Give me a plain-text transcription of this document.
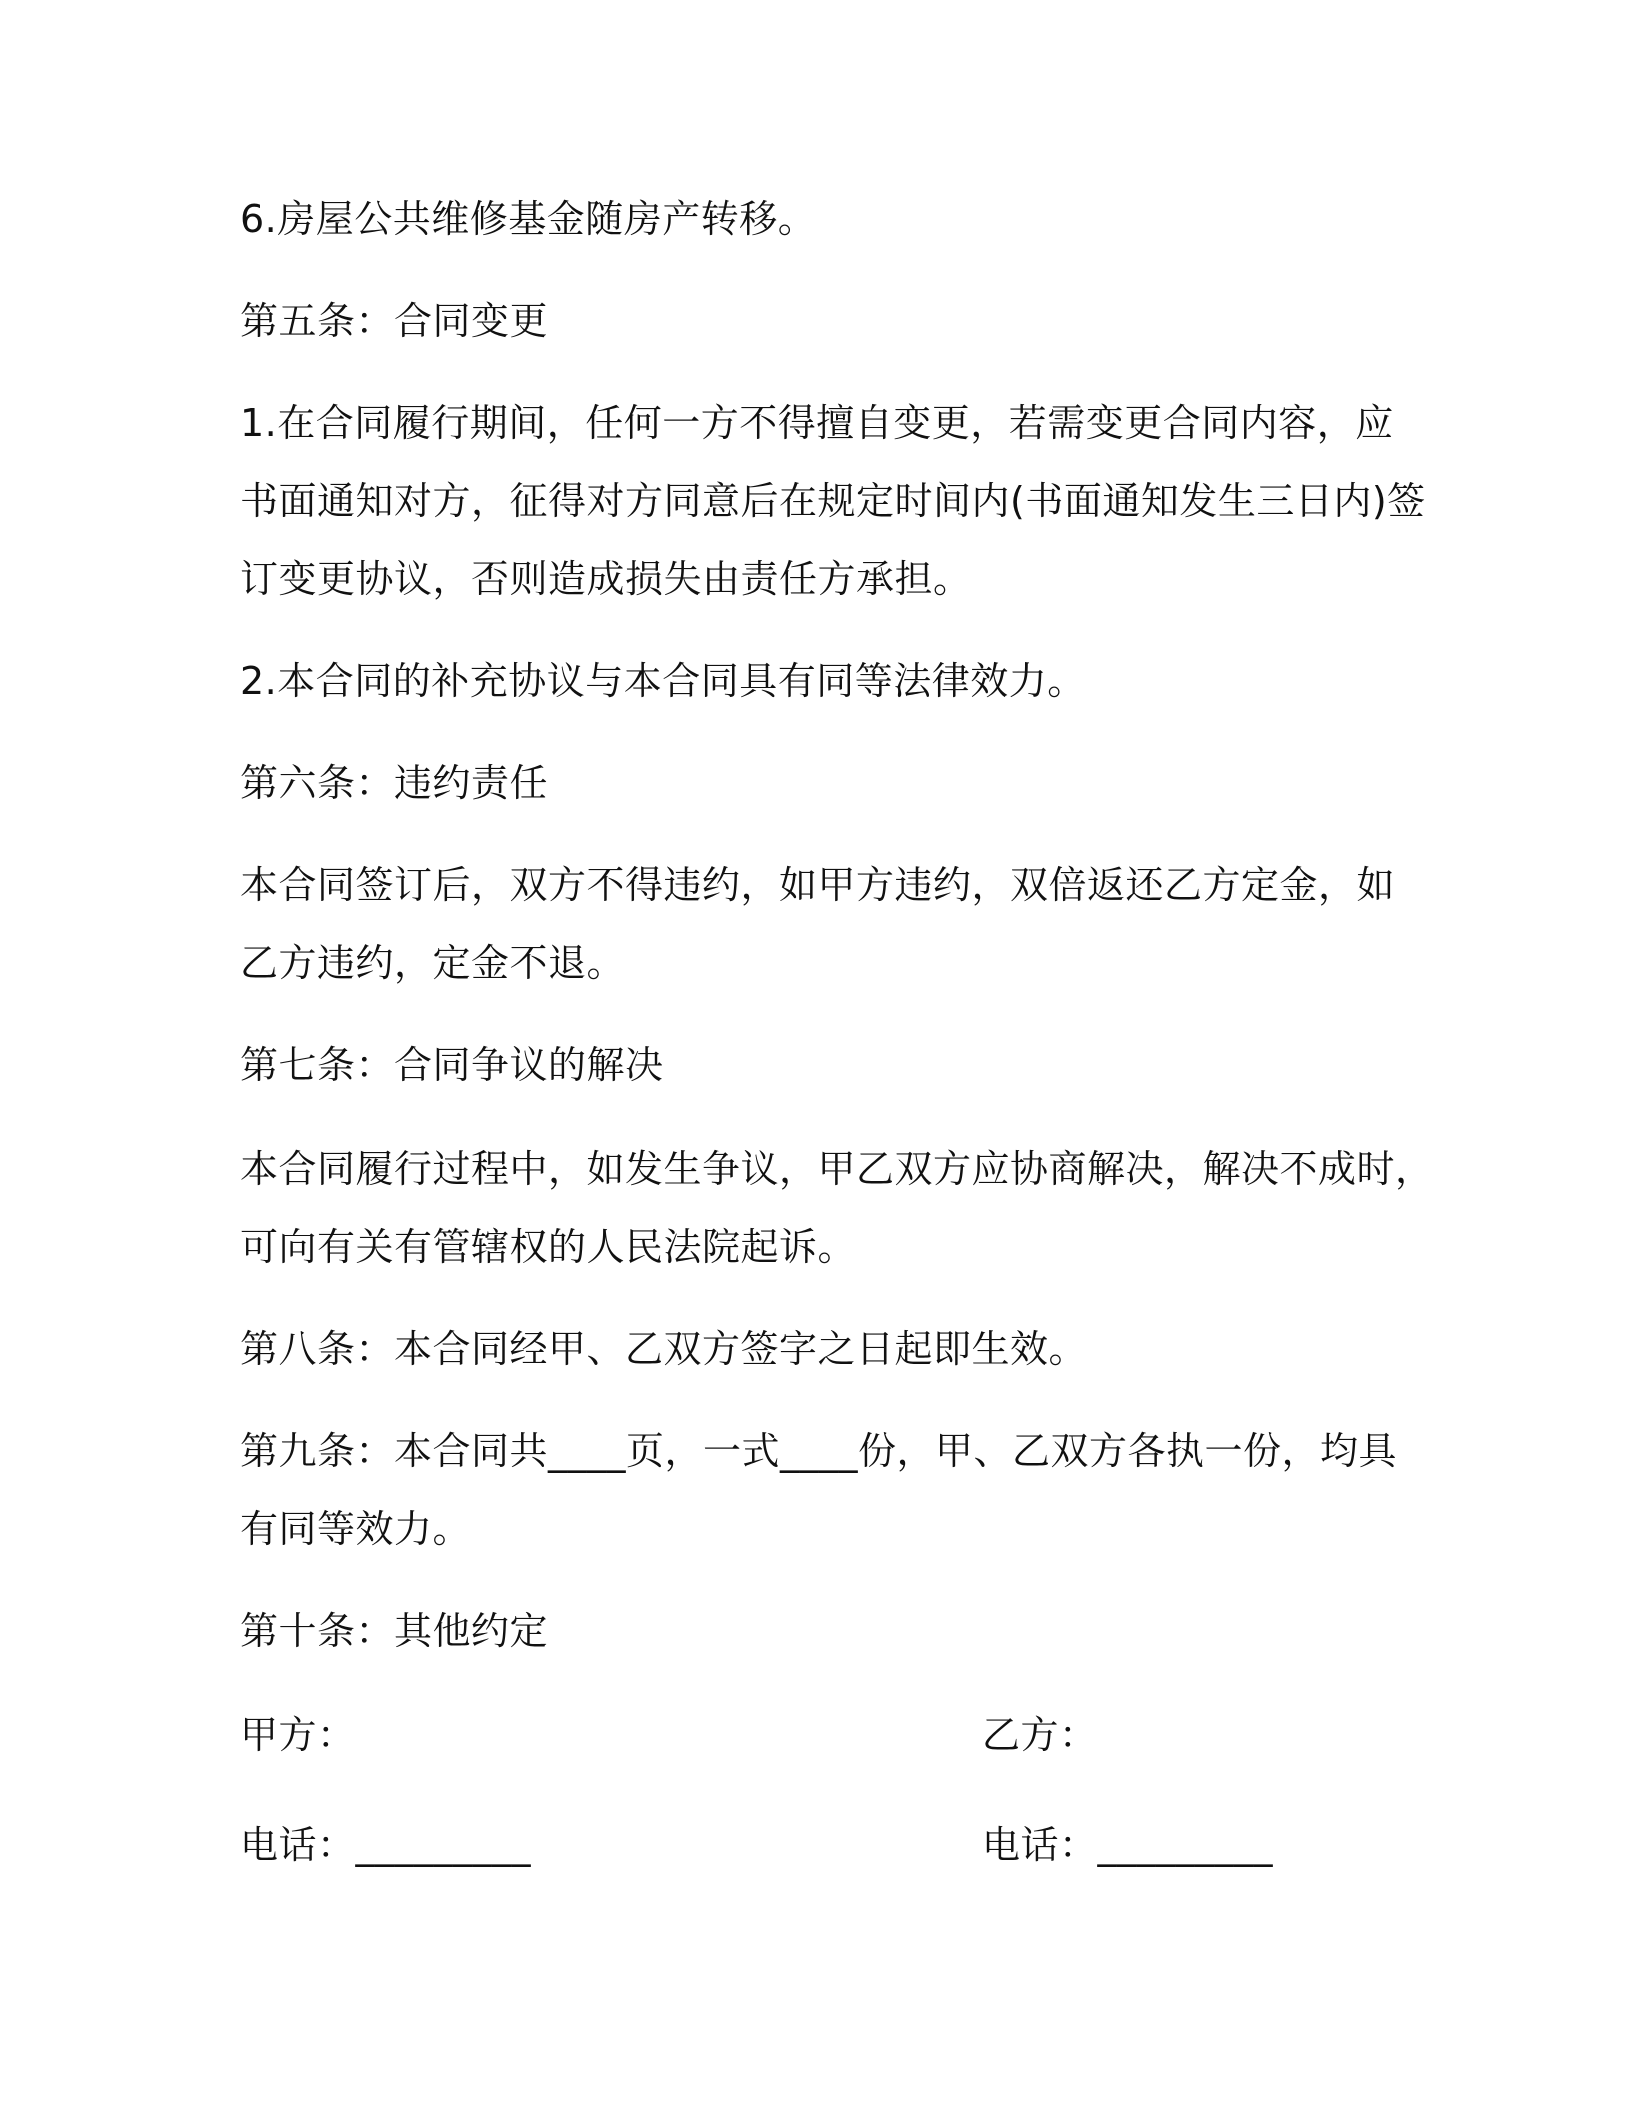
6.房屋公共维修基金随房产转移。
第五条：合同变更
1.在合同履行期间，任何一方不得擅自变更，若需变更合同内容，应
书面通知对方，征得对方同意后在规定时间内(书面通知发生三日内)签
订变更协议，否则造成损失由责任方承担。
2.本合同的补充协议与本合同具有同等法律效力。
第六条：违约责任
本合同签订后，双方不得违约，如甲方违约，双倍返还乙方定金，如
乙方违约，定金不退。
第七条：合同争议的解决
本合同履行过程中，如发生争议，甲乙双方应协商解决，解决不成时，
可向有关有管辖权的人民法院起诉。
第八条：本合同经甲、乙双方签字之日起即生效。
第九条：本合同共____页，一式____份，甲、乙双方各执一份，均具
有同等效力。
第十条：其他约定
甲方：	乙方：
电话：_________	电话：_________
